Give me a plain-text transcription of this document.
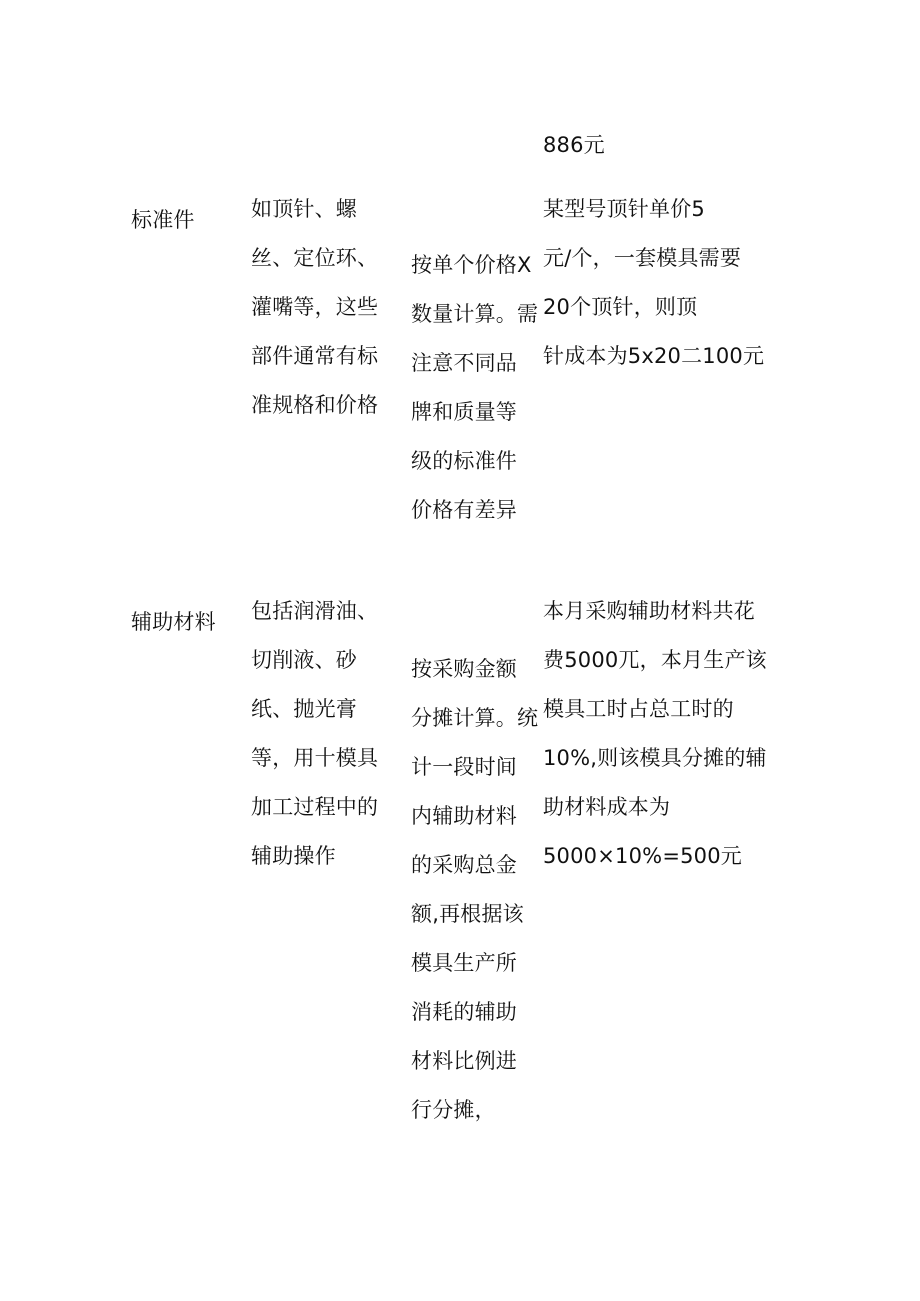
886元
标准件	如顶针、螺
丝、定位环、
灌嘴等，这些
部件通常有标
准规格和价格
按单个价格X
数量计算。需
注意不同品
牌和质量等
级的标准件
价格有差异
某型号顶针单价5
元/个，一套模具需要
20个顶针，则顶
针成本为5x20二100元
辅助材料	包括润滑油、
切削液、砂
纸、抛光膏
等，用十模具
加工过程中的
辅助操作
按采购金额
分摊计算。统
计一段时间
内辅助材料
的采购总金
额,再根据该
模具生产所
消耗的辅助
材料比例进
行分摊，
本月采购辅助材料共花
费5000兀，本月生产该
模具工时占总工时的
10%,则该模具分摊的辅
助材料成本为
5000×10%=500元
